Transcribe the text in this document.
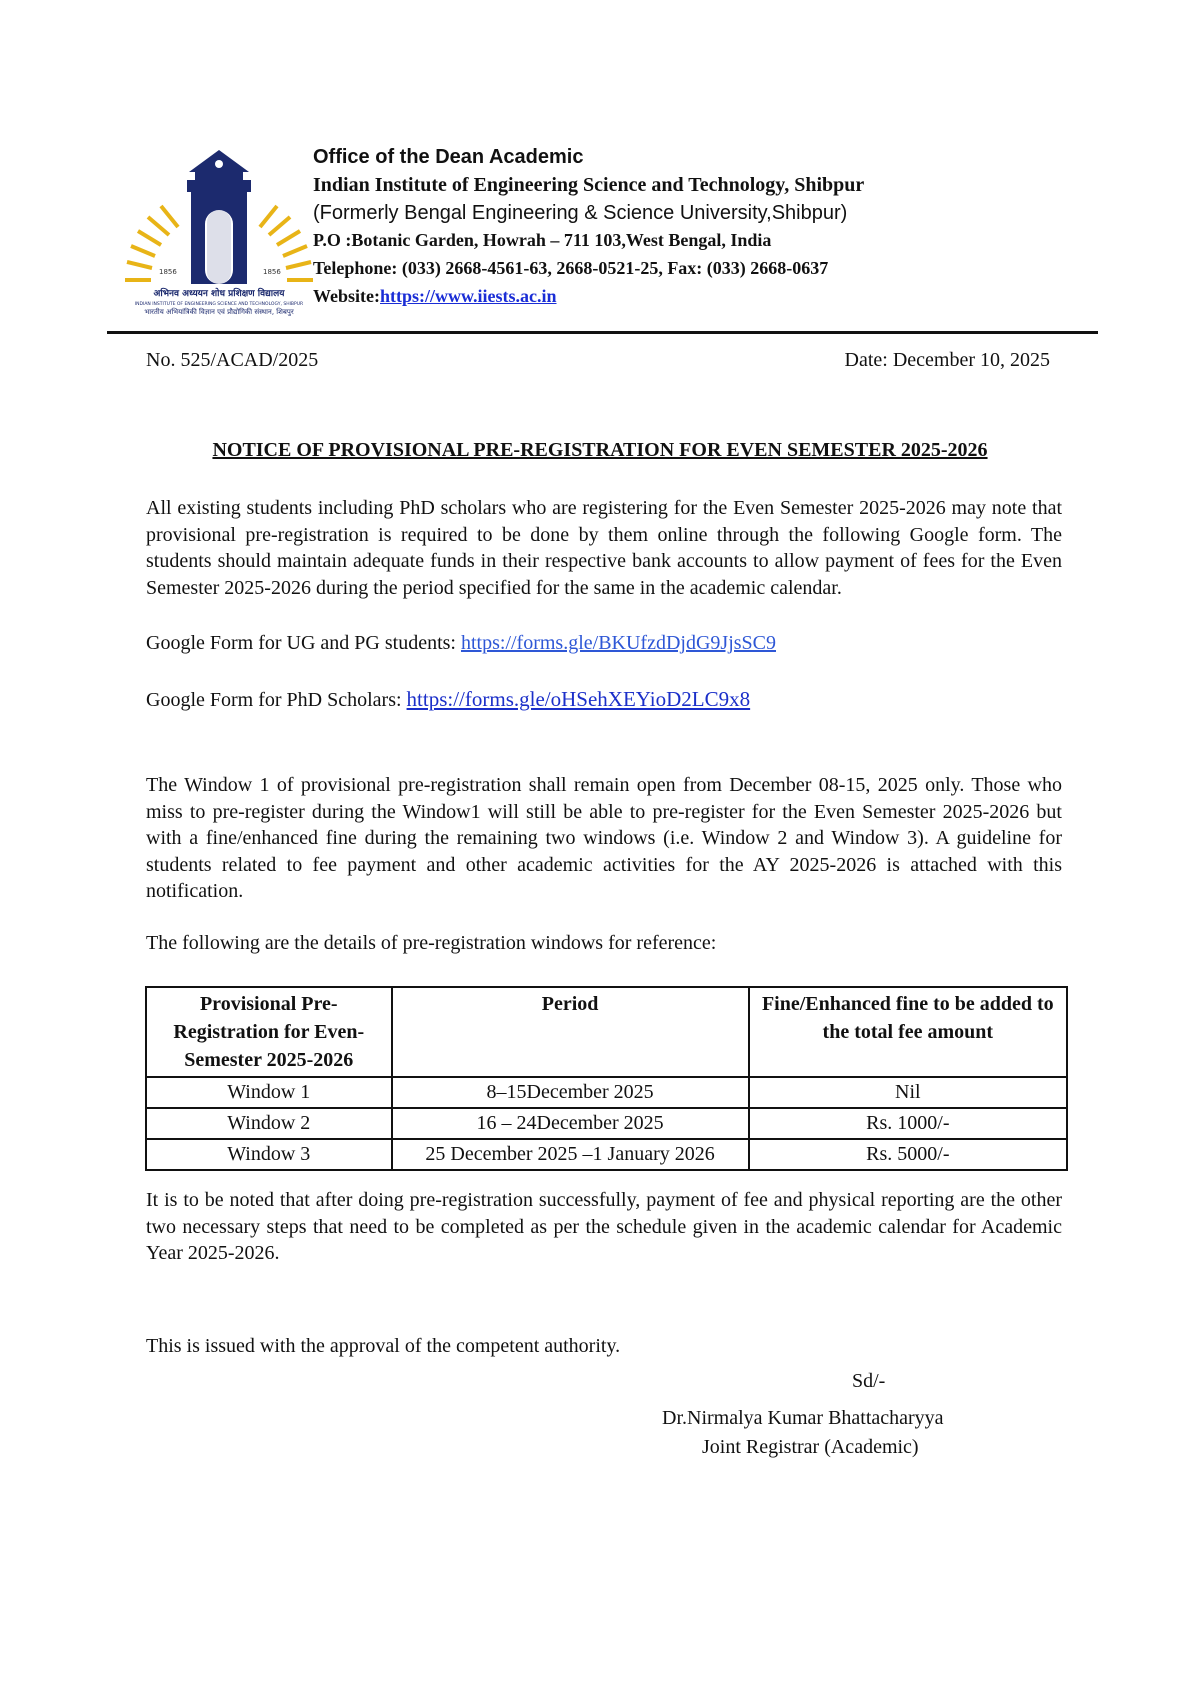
1856	1856
अभिनव अध्ययन शोध प्रशिक्षण विद्यालय
INDIAN INSTITUTE OF ENGINEERING SCIENCE AND TECHNOLOGY, SHIBPUR
भारतीय अभियांत्रिकी विज्ञान एवं प्रौद्योगिकी संस्थान, शिबपुर
Office of the Dean Academic
Indian Institute of Engineering Science and Technology, Shibpur
(Formerly Bengal Engineering & Science University,Shibpur)
P.O :Botanic Garden, Howrah – 711 103,West Bengal, India
Telephone: (033) 2668-4561-63, 2668-0521-25, Fax: (033) 2668-0637
Website:https://www.iiests.ac.in
No. 525/ACAD/2025	Date: December 10, 2025
NOTICE OF PROVISIONAL PRE-REGISTRATION FOR EVEN SEMESTER 2025-2026
All existing students including PhD scholars who are registering for the Even Semester 2025-2026 may note that provisional pre-registration is required to be done by them online through the following Google form. The students should maintain adequate funds in their respective bank accounts to allow payment of fees for the Even Semester 2025-2026 during the period specified for the same in the academic calendar.
Google Form for UG and PG students: https://forms.gle/BKUfzdDjdG9JjsSC9
Google Form for PhD Scholars: https://forms.gle/oHSehXEYioD2LC9x8
The Window 1 of provisional pre-registration shall remain open from December 08-15, 2025 only. Those who miss to pre-register during the Window1 will still be able to pre-register for the Even Semester 2025-2026 but with a fine/enhanced fine during the remaining two windows (i.e. Window 2 and Window 3). A guideline for students related to fee payment and other academic activities for the AY 2025-2026 is attached with this notification.
The following are the details of pre-registration windows for reference:
Provisional Pre-Registration for Even-Semester 2025-2026	Period	Fine/Enhanced fine to be added to the total fee amount
Window 1	8–15December 2025	Nil
Window 2	16 – 24December 2025	Rs. 1000/-
Window 3	25 December 2025 –1 January 2026	Rs. 5000/-
It is to be noted that after doing pre-registration successfully, payment of fee and physical reporting are the other two necessary steps that need to be completed as per the schedule given in the academic calendar for Academic Year 2025-2026.
This is issued with the approval of the competent authority.
Sd/-
Dr.Nirmalya Kumar Bhattacharyya
Joint Registrar (Academic)
